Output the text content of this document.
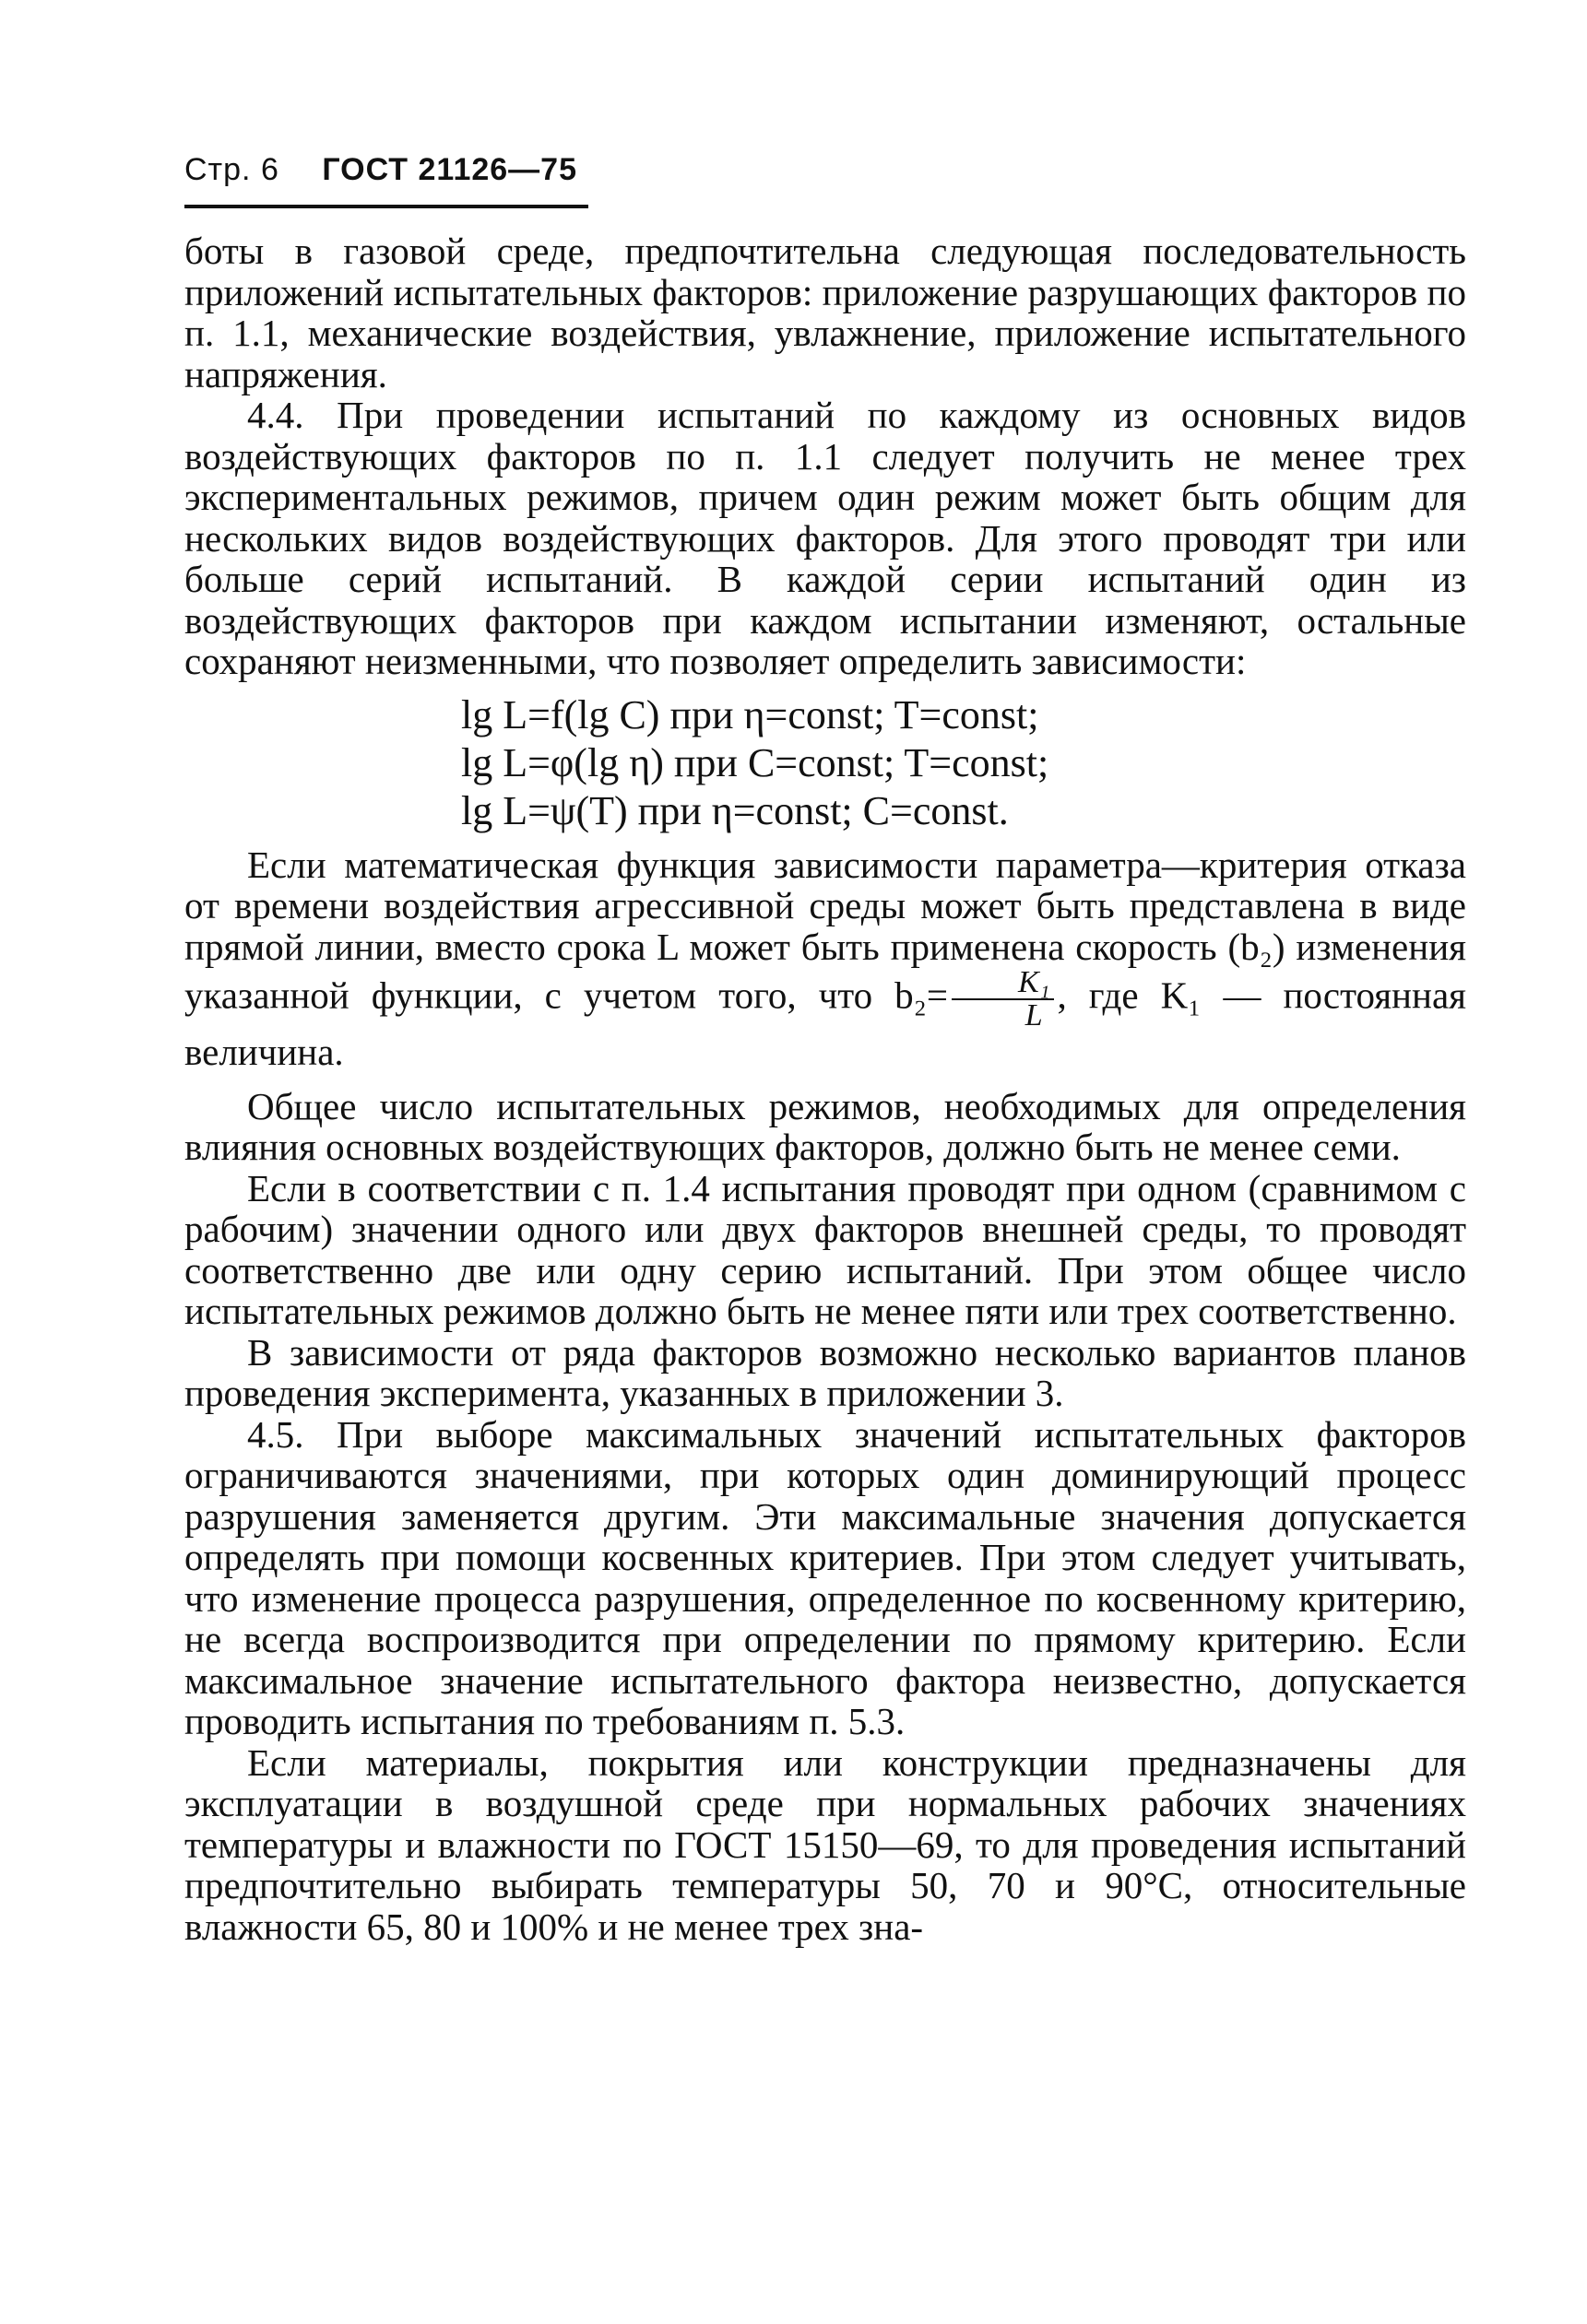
Стр. 6 ГОСТ 21126—75

боты в газовой среде, предпочтительна следующая последовательность приложений испытательных факторов: приложение разрушающих факторов по п. 1.1, механические воздействия, увлажнение, приложение испытательного напряжения.

4.4. При проведении испытаний по каждому из основных видов воздействующих факторов по п. 1.1 следует получить не менее трех экспериментальных режимов, причем один режим может быть общим для нескольких видов воздействующих факторов. Для этого проводят три или больше серий испытаний. В каждой серии испытаний один из воздействующих факторов при каждом испытании изменяют, остальные сохраняют неизменными, что позволяет определить зависимости:

lg L=f(lg C) при η=const; T=const;
lg L=φ(lg η) при C=const; T=const;
lg L=ψ(T) при η=const; C=const.

Если математическая функция зависимости параметра—критерия отказа от времени воздействия агрессивной среды может быть представлена в виде прямой линии, вместо срока L может быть применена скорость (b₂) изменения указанной функции, с учетом того, что $b_2= \frac{\text{K₁}}{L}$ , где K₁ — постоянная величина.

Общее число испытательных режимов, необходимых для определения влияния основных воздействующих факторов, должно быть не менее семи.

Если в соответствии с п. 1.4 испытания проводят при одном (сравнимом с рабочим) значении одного или двух факторов внешней среды, то проводят соответственно две или одну серию испытаний. При этом общее число испытательных режимов должно быть не менее пяти или трех соответственно.

В зависимости от ряда факторов возможно несколько вариантов планов проведения эксперимента, указанных в приложении 3.

4.5. При выборе максимальных значений испытательных факторов ограничиваются значениями, при которых один доминирующий процесс разрушения заменяется другим. Эти максимальные значения допускается определять при помощи косвенных критериев. При этом следует учитывать, что изменение процесса разрушения, определенное по косвенному критерию, не всегда воспроизводится при определении по прямому критерию. Если максимальное значение испытательного фактора неизвестно, допускается проводить испытания по требованиям п. 5.3.

Если материалы, покрытия или конструкции предназначены для эксплуатации в воздушной среде при нормальных рабочих значениях температуры и влажности по ГОСТ 15150—69, то для проведения испытаний предпочтительно выбирать температуры 50, 70 и 90°C, относительные влажности 65, 80 и 100% и не менее трех зна-
